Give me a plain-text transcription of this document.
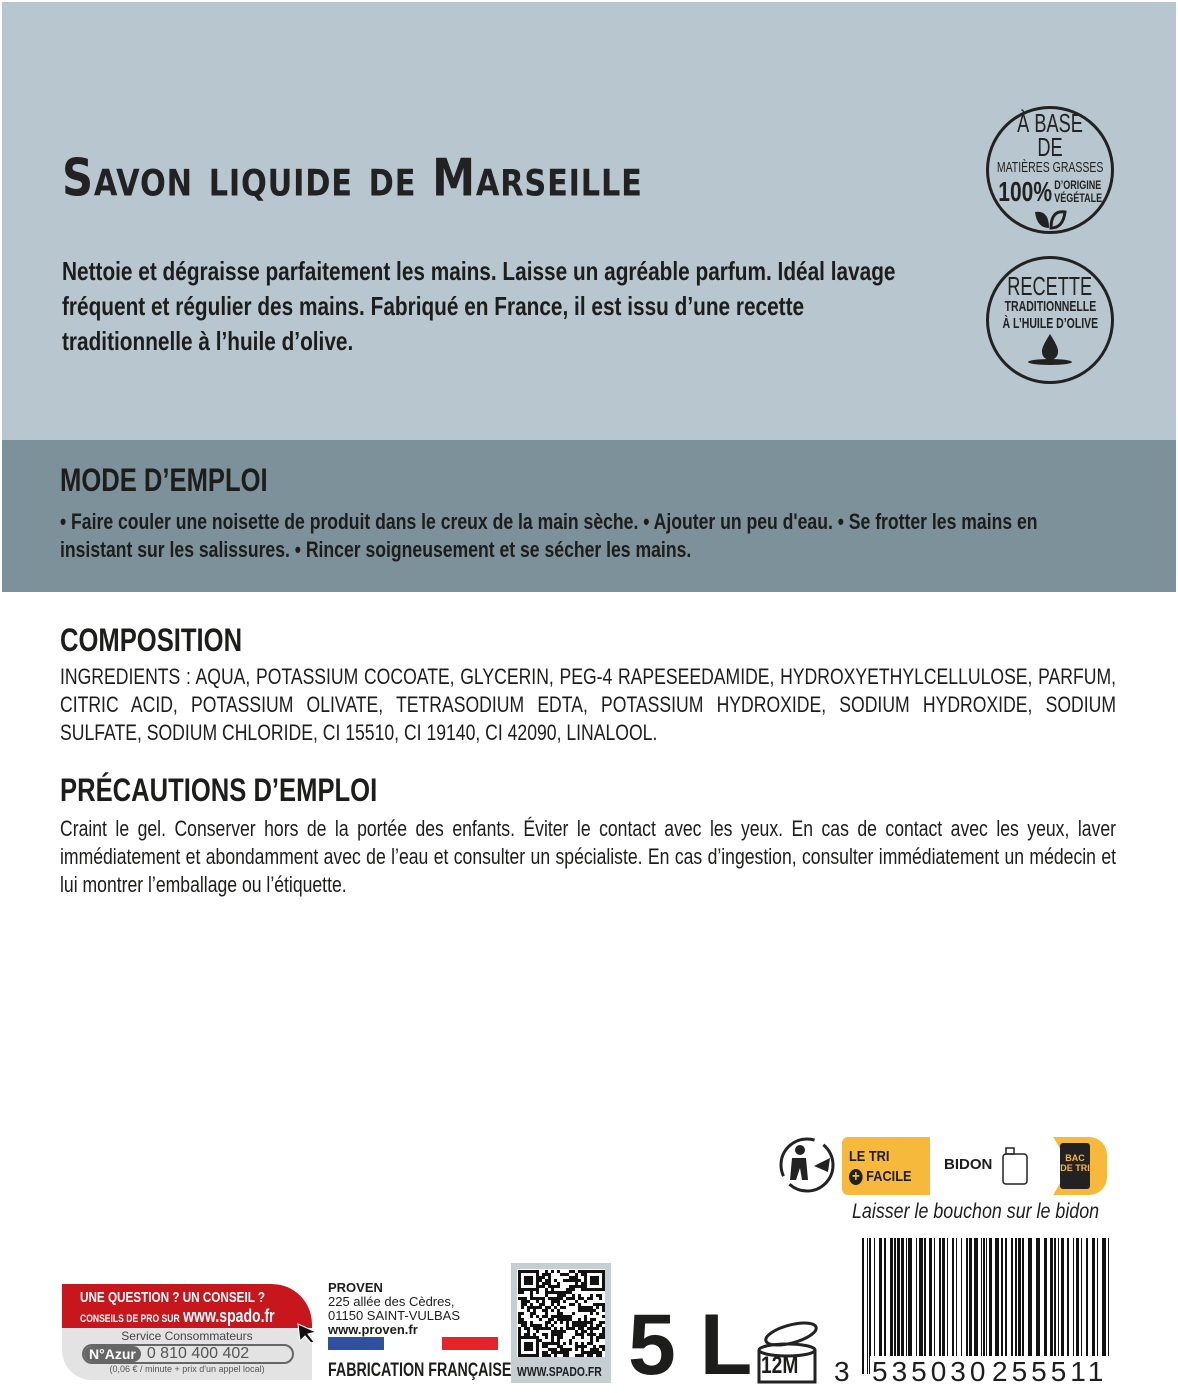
Savon liquide de Marseille
Nettoie et dégraisse parfaitement les mains. Laisse un agréable parfum. Idéal lavage fréquent et régulier des mains. Fabriqué en France, il est issu d’une recette traditionnelle à l’huile d’olive.
À BASE DE
MATIÈRES GRASSES
100% D’ORIGINE
VÉGÉTALE
RECETTE
TRADITIONNELLE
À L’HUILE D’OLIVE
MODE D’EMPLOI
• Faire couler une noisette de produit dans le creux de la main sèche. • Ajouter un peu d'eau. • Se frotter les mains en insistant sur les salissures. • Rincer soigneusement et se sécher les mains.
COMPOSITION
INGREDIENTS : AQUA, POTASSIUM COCOATE, GLYCERIN, PEG-4 RAPESEEDAMIDE, HYDROXYETHYLCELLULOSE, PARFUM, CITRIC ACID, POTASSIUM OLIVATE, TETRASODIUM EDTA, POTASSIUM HYDROXIDE, SODIUM HYDROXIDE, SODIUM SULFATE, SODIUM CHLORIDE, CI 15510, CI 19140, CI 42090, LINALOOL.
PRÉCAUTIONS D’EMPLOI
Craint le gel. Conserver hors de la portée des enfants. Éviter le contact avec les yeux. En cas de contact avec les yeux, laver immédiatement et abondamment avec de l’eau et consulter un spécialiste. En cas d’ingestion, consulter immédiatement un médecin et lui montrer l’emballage ou l’étiquette.
LE TRI
+ FACILE
BIDON	BAC DE TRI
Laisser le bouchon sur le bidon
UNE QUESTION ? UN CONSEIL ?
CONSEILS DE PRO SUR www.spado.fr
Service Consommateurs
N°Azur 0 810 400 402
(0,06 € / minute + prix d'un appel local)
PROVEN
225 allée des Cèdres,
01150 SAINT-VULBAS
www.proven.fr
FABRICATION FRANÇAISE WWW.SPADO.FR 5 L 12M 3 535030 255511
